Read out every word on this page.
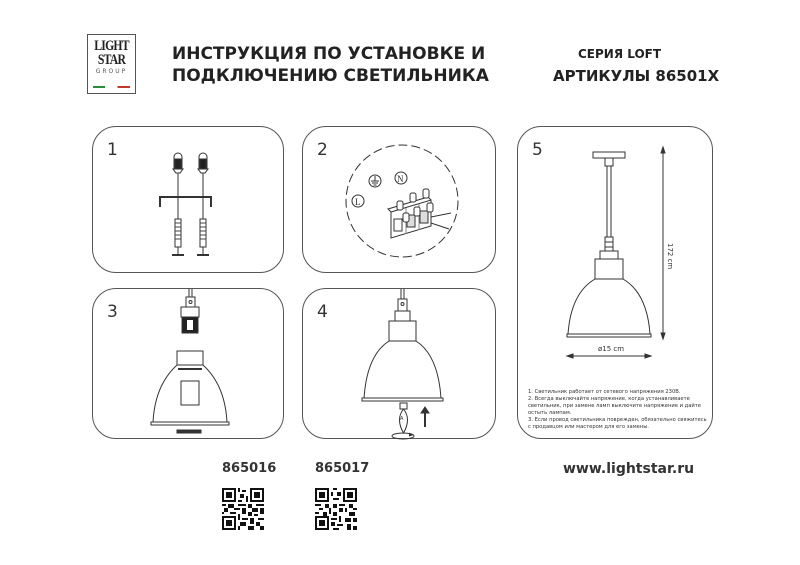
LIGHT
STAR
GROUP
ИНСТРУКЦИЯ ПО УСТАНОВКЕ И
ПОДКЛЮЧЕНИЮ СВЕТИЛЬНИКА
СЕРИЯ LOFT
АРТИКУЛЫ 86501X
1	2
L
N
3	4
A
5
172 cm
ø15 cm
1. Светильник работает от сетевого напряжения 230В.
2. Всегда выключайте напряжение, когда устанавливаете светильник, при замене ламп выключите напряжение и дайте остыть лампам.
3. Если провод светильника поврежден, обязательно свяжитесь с продавцом или мастером для его замены.
865016	865017	www.lightstar.ru
